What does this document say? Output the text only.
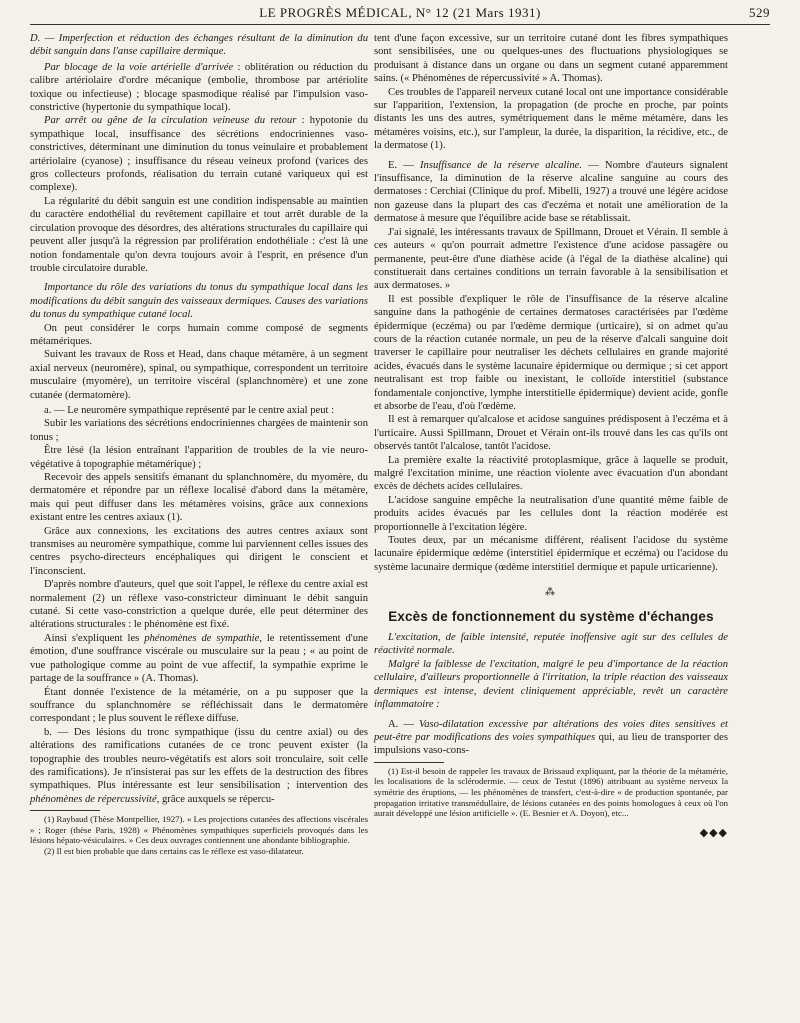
LE PROGRÈS MÉDICAL, N° 12 (21 Mars 1931)	529

D. — Imperfection et réduction des échanges résultant de la diminution du débit sanguin dans l'anse capillaire dermique.

Par blocage de la voie artérielle d'arrivée : oblitération ou réduction du calibre artériolaire d'ordre mécanique (embolie, thrombose par artériolite toxique ou infectieuse) ; blocage spasmodique réalisé par l'impulsion vaso-constrictive (hypertonie du sympathique local).

Par arrêt ou gêne de la circulation veineuse du retour : hypotonie du sympathique local, insuffisance des sécrétions endocriniennes vaso-constrictives, déterminant une diminution du tonus veinulaire et probablement artériolaire (cyanose) ; insuffisance du réseau veineux profond (varices des gros collecteurs profonds, réalisation du terrain cutané variqueux qui est complexe).

La régularité du débit sanguin est une condition indispensable au maintien du caractère endothélial du revêtement capillaire et tout arrêt durable de la circulation provoque des désordres, des altérations structurales du capillaire qui peuvent aller jusqu'à la régression par prolifération endothéliale : c'est là une notion fondamentale qu'on devra toujours avoir à l'esprit, en présence d'un trouble circulatoire durable.

Importance du rôle des variations du tonus du sympathique local dans les modifications du débit sanguin des vaisseaux dermiques. Causes des variations du tonus du sympathique cutané local.

On peut considérer le corps humain comme composé de segments métamériques.

Suivant les travaux de Ross et Head, dans chaque métamère, à un segment axial nerveux (neuromère), spinal, ou sympathique, correspondent un territoire musculaire (myomère), un territoire viscéral (splanchnomère) et une zone cutanée (dermatomère).

a. — Le neuromère sympathique représenté par le centre axial peut :

Subir les variations des sécrétions endocriniennes chargées de maintenir son tonus ;

Être lésé (la lésion entraînant l'apparition de troubles de la vie neuro-végétative à topographie métamérique) ;

Recevoir des appels sensitifs émanant du splanchnomère, du myomère, du dermatomère et répondre par un réflexe localisé d'abord dans la métamère, mais qui peut diffuser dans les métamères voisins, grâce aux connexions existant entre les centres axiaux (1).

Grâce aux connexions, les excitations des autres centres axiaux sont transmises au neuromère sympathique, comme lui parviennent celles issues des centres psycho-directeurs encéphaliques qui dirigent le conscient et l'inconscient.

D'après nombre d'auteurs, quel que soit l'appel, le réflexe du centre axial est normalement (2) un réflexe vaso-constricteur diminuant le débit sanguin cutané. Si cette vaso-constriction a quelque durée, elle peut déterminer des altérations structurales : le phénomène est fixé.

Ainsi s'expliquent les phénomènes de sympathie, le retentissement d'une émotion, d'une souffrance viscérale ou musculaire sur la peau ; « au point de vue pathologique comme au point de vue affectif, la sympathie exprime le partage de la souffrance » (A. Thomas).

Étant donnée l'existence de la métamérie, on a pu supposer que la souffrance du splanchnomère se réfléchissait dans le dermatomère correspondant ; le plus souvent le réflexe diffuse.

b. — Des lésions du tronc sympathique (issu du centre axial) ou des altérations des ramifications cutanées de ce tronc peuvent exister (la topographie des troubles neuro-végétatifs est alors soit tronculaire, soit celle des ramifications). Je n'insisterai pas sur les effets de la destruction des fibres sympathiques. Plus intéressante est leur sensibilisation ; intervention des phénomènes de répercussivité, grâce auxquels se répercu-

(1) Raybaud (Thèse Montpellier, 1927). « Les projections cutanées des affections viscérales » ; Roger (thèse Paris, 1928) « Phénomènes sympathiques superficiels provoqués dans les lésions hépato-vésiculaires. » Ces deux ouvrages contiennent une abondante bibliographie.

(2) Il est bien probable que dans certains cas le réflexe est vaso-dilatateur.

tent d'une façon excessive, sur un territoire cutané dont les fibres sympathiques sont sensibilisées, une ou quelques-unes des fluctuations physiologiques se produisant à distance dans un organe ou dans un segment cutané apparemment sains. (« Phénomènes de répercussivité » A. Thomas).

Ces troubles de l'appareil nerveux cutané local ont une importance considérable sur l'apparition, l'extension, la propagation (de proche en proche, par points distants les uns des autres, symétriquement dans le même métamère, dans les métamères voisins, etc.), sur l'ampleur, la durée, la disparition, la récidive, etc., de la dermatose (1).

E. — Insuffisance de la réserve alcaline. — Nombre d'auteurs signalent l'insuffisance, la diminution de la réserve alcaline sanguine au cours des dermatoses : Cerchiai (Clinique du prof. Mibelli, 1927) a trouvé une légère acidose non gazeuse dans la plupart des cas d'eczéma et notait une amélioration de la dermatose à mesure que l'équilibre acide base se rétablissait.

J'ai signalé, les intéressants travaux de Spillmann, Drouet et Vérain. Il semble à ces auteurs « qu'on pourrait admettre l'existence d'une acidose passagère ou permanente, peut-être d'une diathèse acide (à l'égal de la diathèse alcaline) qui constituerait dans certaines conditions un terrain favorable à la sensibilisation et aux dermatoses. »

Il est possible d'expliquer le rôle de l'insuffisance de la réserve alcaline sanguine dans la pathogénie de certaines dermatoses caractérisées par l'œdème épidermique (eczéma) ou par l'œdème dermique (urticaire), si on admet qu'au cours de la réaction cutanée normale, un peu de la réserve d'alcali sanguine doit traverser le capillaire pour neutraliser les déchets cellulaires en grande majorité acides, évacués dans le système lacunaire épidermique ou dermique ; si cet apport neutralisant est trop faible ou inexistant, le colloïde interstitiel (substance fondamentale conjonctive, lymphe interstitielle épidermique) devient acide, gonfle et absorbe de l'eau, d'où l'œdème.

Il est à remarquer qu'alcalose et acidose sanguines prédisposent à l'eczéma et à l'urticaire. Aussi Spillmann, Drouet et Vérain ont-ils trouvé dans les cas qu'ils ont observés tantôt l'alcalose, tantôt l'acidose.

La première exalte la réactivité protoplasmique, grâce à laquelle se produit, malgré l'excitation minime, une réaction violente avec évacuation d'un abondant excès de déchets acides cellulaires.

L'acidose sanguine empêche la neutralisation d'une quantité même faible de produits acides évacués par les cellules dont la réaction modérée est proportionnelle à l'excitation légère.

Toutes deux, par un mécanisme différent, réalisent l'acidose du système lacunaire épidermique œdème (interstitiel épidermique et eczéma) ou l'acidose du système lacunaire dermique (œdème interstitiel dermique et papule urticarienne).

⁂
Excès de fonctionnement du système d'échanges

L'excitation, de faible intensité, reputée inoffensive agit sur des cellules de réactivité normale.

Malgré la faiblesse de l'excitation, malgré le peu d'importance de la réaction cellulaire, d'ailleurs proportionnelle à l'irritation, la triple réaction des vaisseaux dermiques est intense, devient cliniquement appréciable, revêt un caractère inflammatoire :

A. — Vaso-dilatation excessive par altérations des voies dites sensitives et peut-être par modifications des voies sympathiques qui, au lieu de transporter des impulsions vaso-cons-

(1) Est-il besoin de rappeler les travaux de Brissaud expliquant, par la théorie de la métamérie, les localisations de la sclérodermie. — ceux de Testut (1896) attribuant au système nerveux la symétrie des éruptions, — les phénomènes de transfert, c'est-à-dire « de production spontanée, par propagation irritative transmédullaire, de lésions cutanées en des points homologues à ceux où l'on aurait développé une lésion artificielle ». (E. Besnier et A. Doyon), etc...

◆◆◆
